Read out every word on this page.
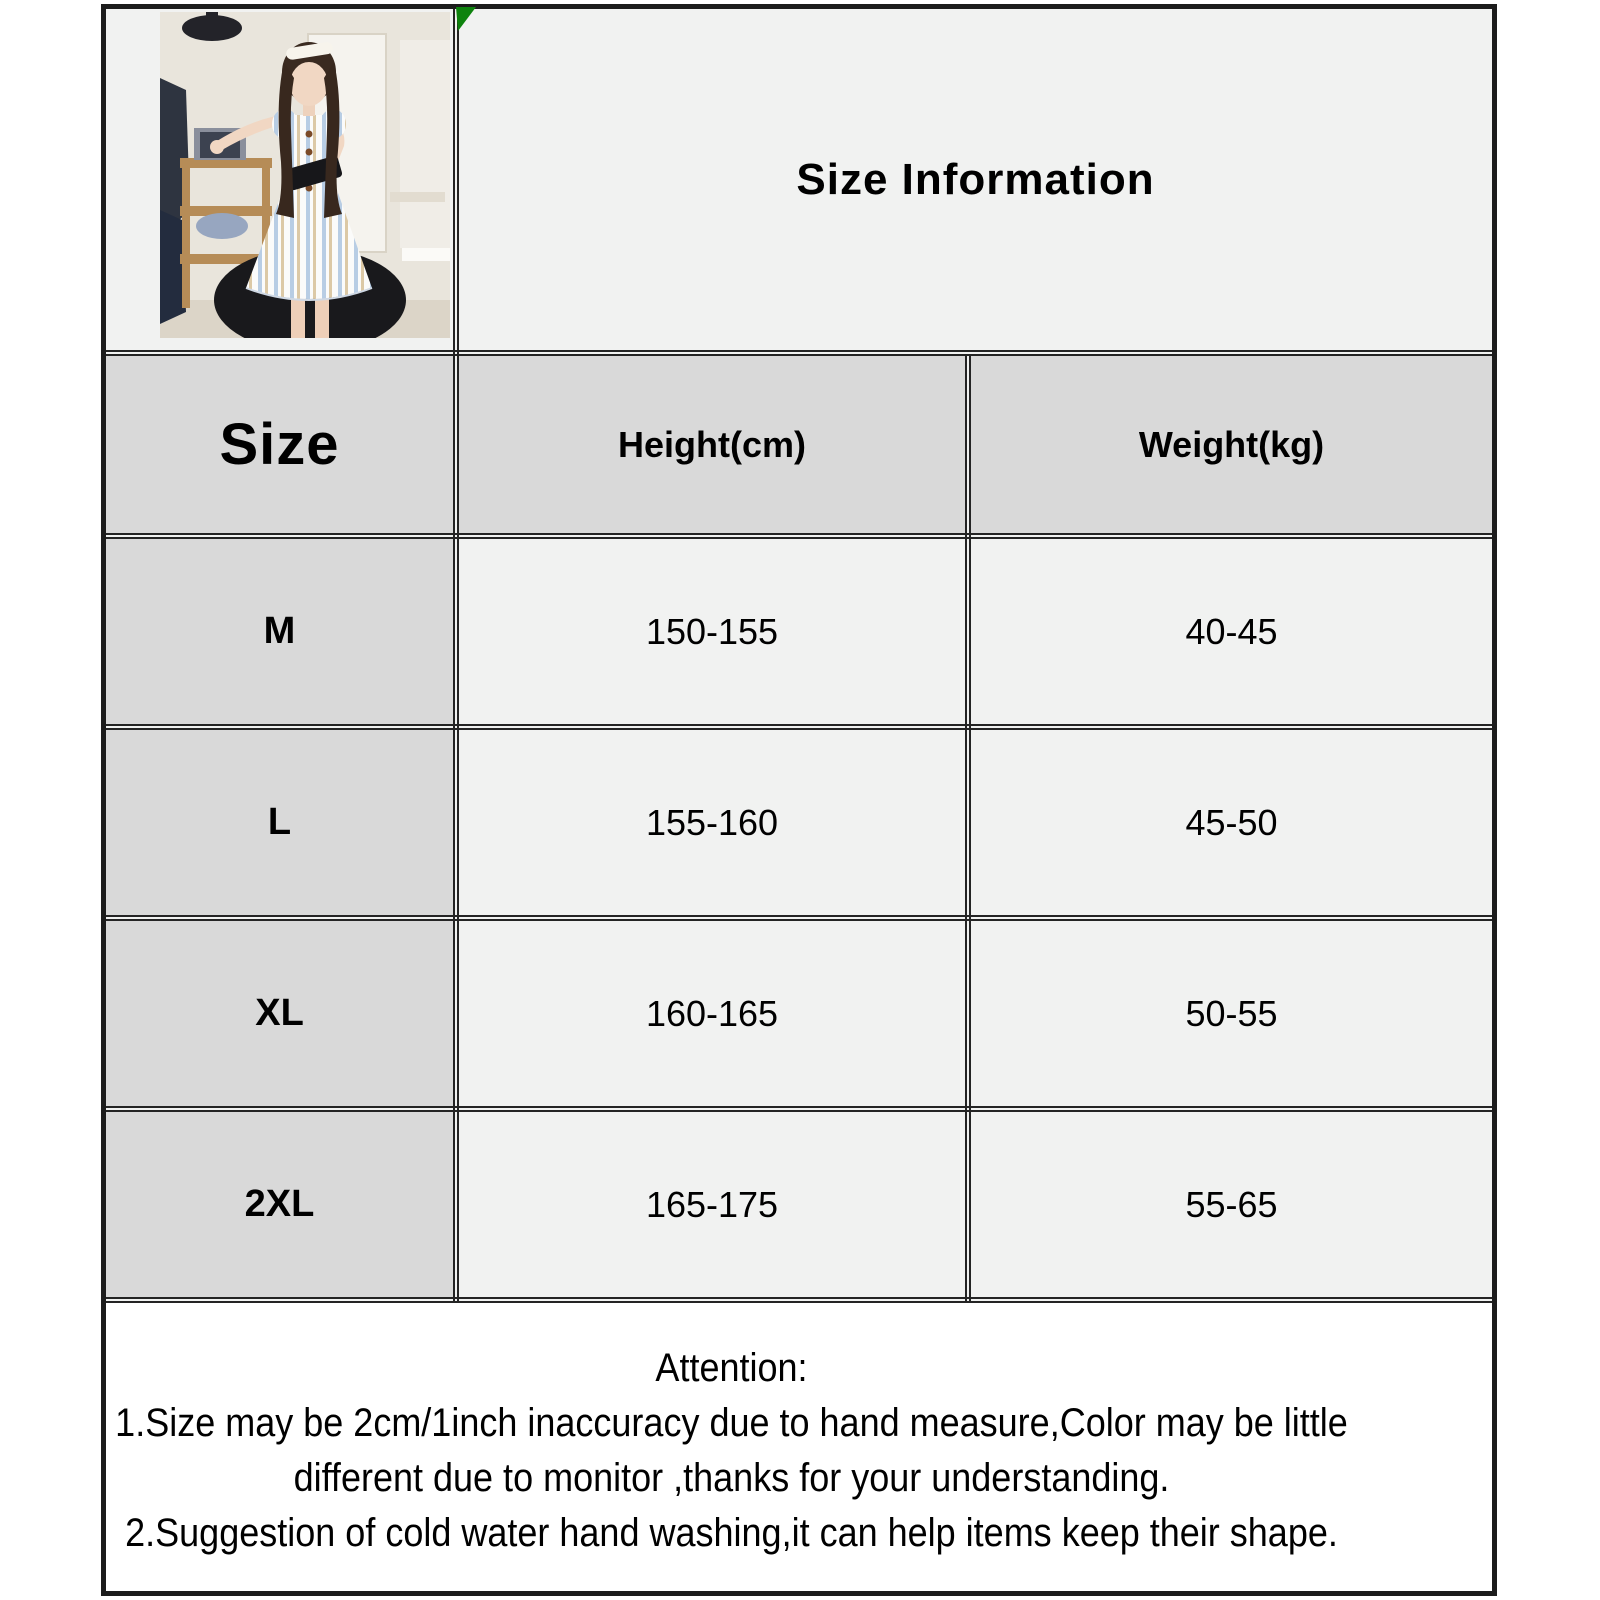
	Size Information	
Size	Height(cm)	Weight(kg)
M	150-155	40-45
L	155-160	45-50
XL	160-165	50-55
2XL	165-175	55-65

Attention:
1.Size may be 2cm/1inch inaccuracy due to hand measure,Color may be little
different due to monitor ,thanks for your understanding.
2.Suggestion of cold water hand washing,it can help items keep their shape.		
